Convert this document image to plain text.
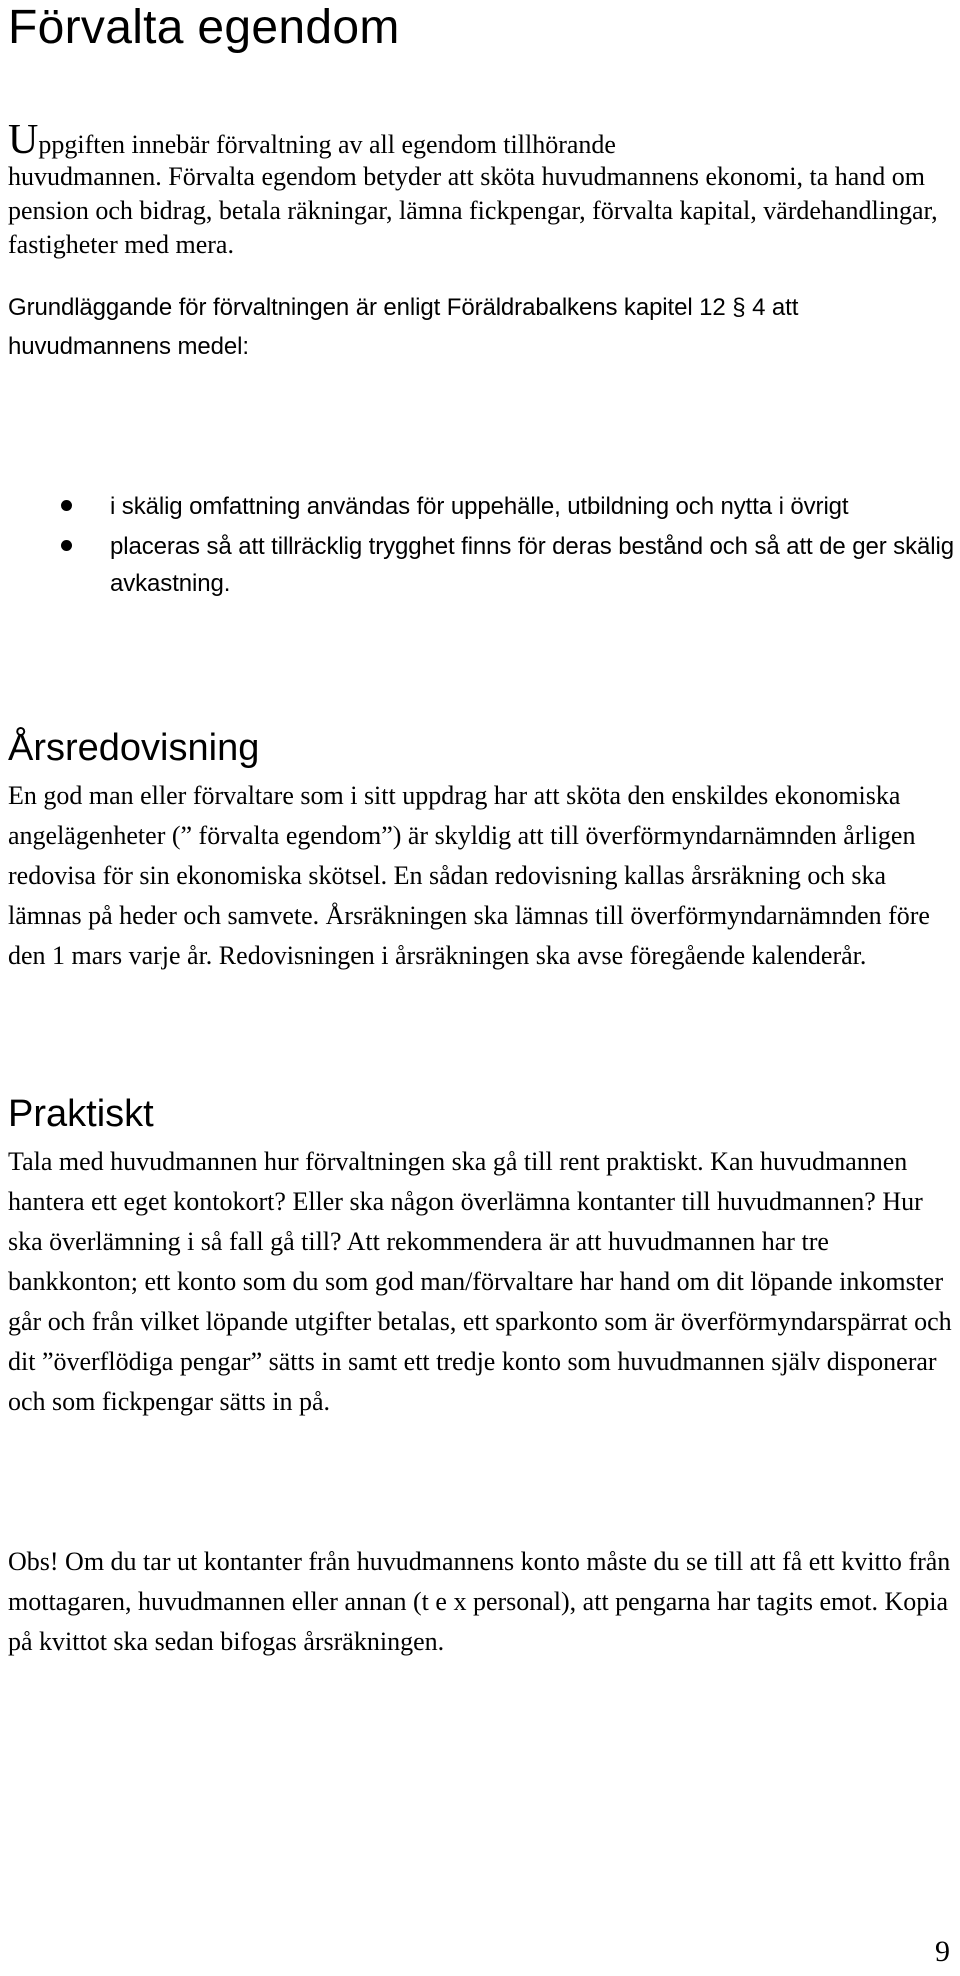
Förvalta egendom

Uppgiften innebär förvaltning av all egendom tillhörande

huvudmannen. Förvalta egendom betyder att sköta huvudmannens ekonomi, ta hand om pension och bidrag, betala räkningar, lämna fickpengar, förvalta kapital, värdehandlingar, fastigheter med mera.

Grundläggande för förvaltningen är enligt Föräldrabalkens kapitel 12 § 4 att huvudmannens medel:

i skälig omfattning användas för uppehälle, utbildning och nytta i övrigt
placeras så att tillräcklig trygghet finns för deras bestånd och så att de ger skälig avkastning.
Årsredovisning

En god man eller förvaltare som i sitt uppdrag har att sköta den enskildes ekonomiska angelägenheter (” förvalta egendom”) är skyldig att till överförmyndarnämnden årligen redovisa för sin ekonomiska skötsel. En sådan redovisning kallas årsräkning och ska lämnas på heder och samvete. Årsräkningen ska lämnas till överförmyndarnämnden före den 1 mars varje år. Redovisningen i årsräkningen ska avse föregående kalenderår.

Praktiskt

Tala med huvudmannen hur förvaltningen ska gå till rent praktiskt. Kan huvudmannen hantera ett eget kontokort? Eller ska någon överlämna kontanter till huvudmannen? Hur ska överlämning i så fall gå till? Att rekommendera är att huvudmannen har tre bankkonton; ett konto som du som god man/förvaltare har hand om dit löpande inkomster går och från vilket löpande utgifter betalas, ett sparkonto som är överförmyndarspärrat och dit ”överflödiga pengar” sätts in samt ett tredje konto som huvudmannen själv disponerar och som fickpengar sätts in på.

Obs! Om du tar ut kontanter från huvudmannens konto måste du se till att få ett kvitto från mottagaren, huvudmannen eller annan (t e x personal), att pengarna har tagits emot. Kopia på kvittot ska sedan bifogas årsräkningen.

9
